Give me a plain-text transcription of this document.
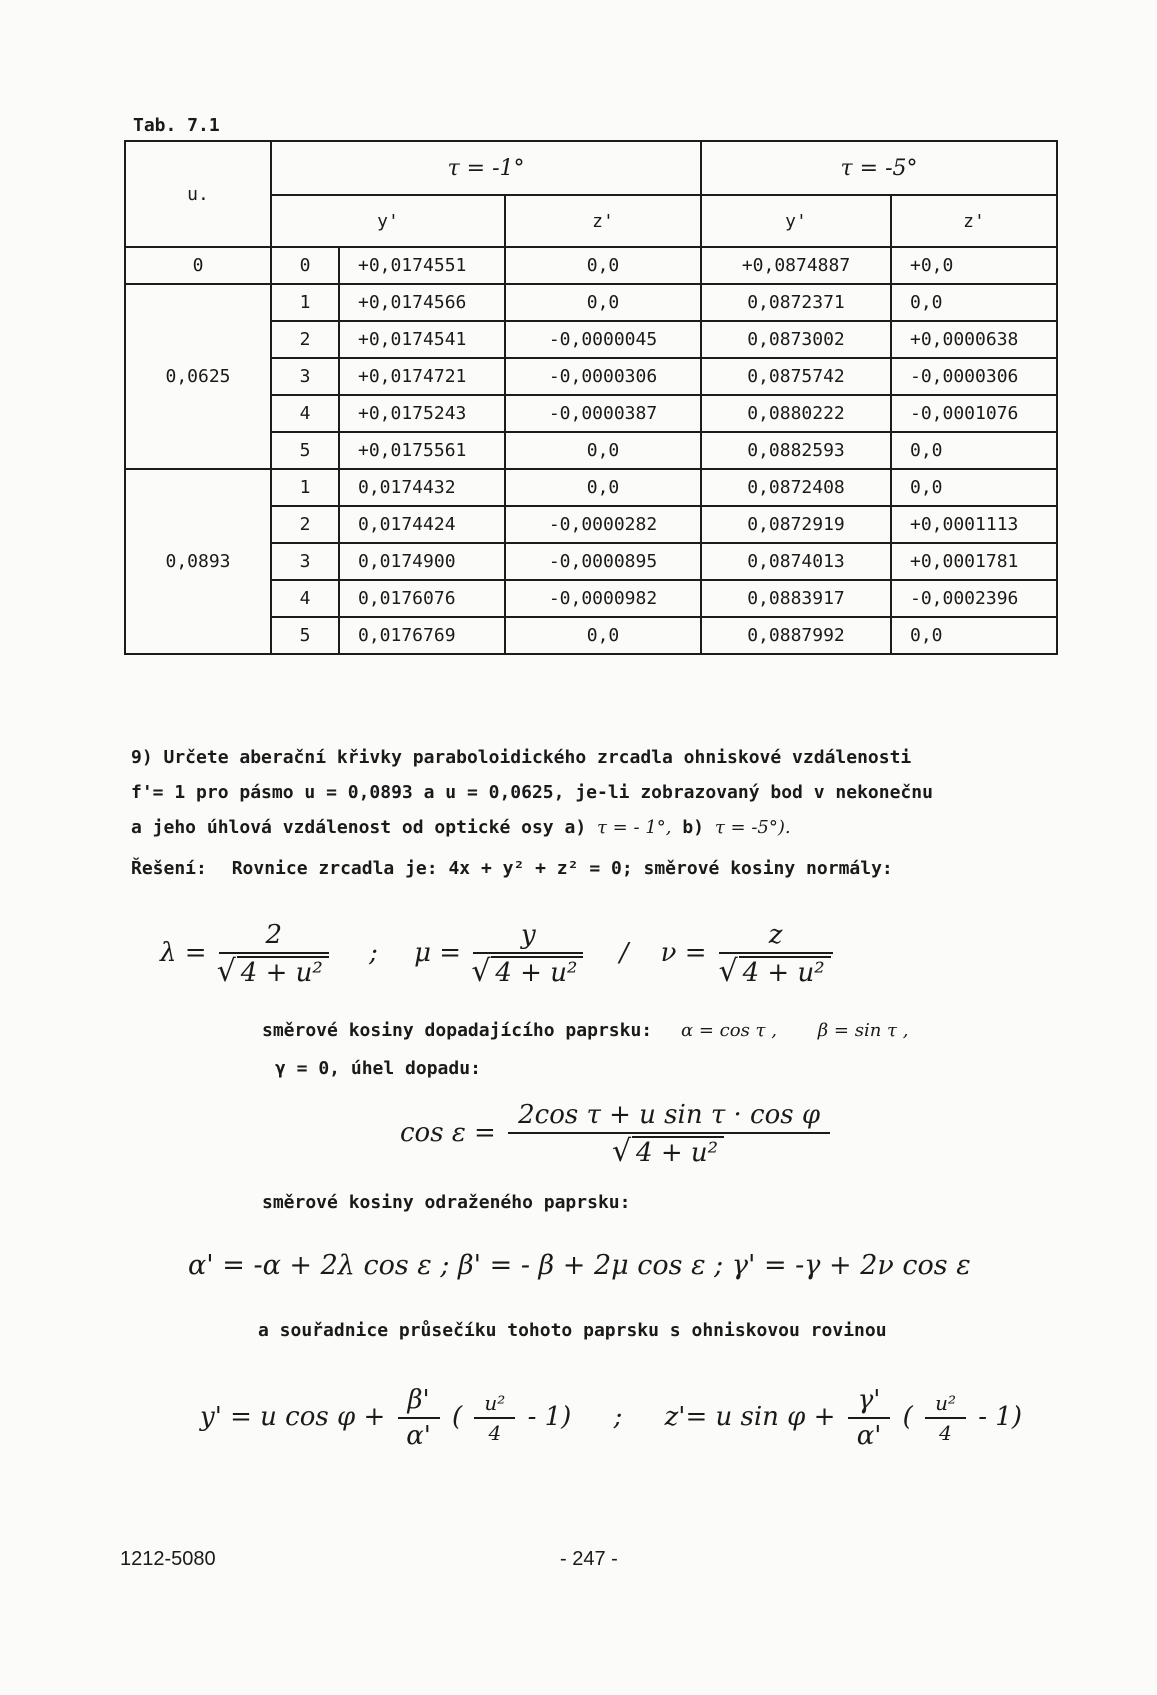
Tab. 7.1
u.	τ = -1°			τ = -5°	
	y'		z'	y'	z'
0	0	+0,0174551	0,0	+0,0874887	+0,0
0,0625	1	+0,0174566	0,0	0,0872371	0,0
	2	+0,0174541	-0,0000045	0,0873002	+0,0000638
	3	+0,0174721	-0,0000306	0,0875742	-0,0000306
	4	+0,0175243	-0,0000387	0,0880222	-0,0001076
	5	+0,0175561	0,0	0,0882593	0,0
0,0893	1	0,0174432	0,0	0,0872408	0,0
	2	0,0174424	-0,0000282	0,0872919	+0,0001113
	3	0,0174900	-0,0000895	0,0874013	+0,0001781
	4	0,0176076	-0,0000982	0,0883917	-0,0002396
	5	0,0176769	0,0	0,0887992	0,0
9) Určete aberační křivky paraboloidického zrcadla ohniskové vzdálenosti
f'= 1 pro pásmo u = 0,0893 a u = 0,0625, je-li zobrazovaný bod v nekonečnu
a jeho úhlová vzdálenost od optické osy a) τ = - 1°, b) τ = -5°).
Řešení: Rovnice zrcadla je: 4x + y² + z² = 0; směrové kosiny normály:
λ = 2
√ 4 + u² ; μ = y
√ 4 + u² / ν = z
√ 4 + u²
směrové kosiny dopadajícího paprsku: α = cos τ , β = sin τ ,
γ = 0, úhel dopadu:
cos ε = 2cos τ + u sin τ · cos φ
√ 4 + u²
směrové kosiny odraženého paprsku:
α' = -α + 2λ cos ε ; β' = - β + 2μ cos ε ; γ' = -γ + 2ν cos ε
a souřadnice průsečíku tohoto paprsku s ohniskovou rovinou
y' = u $\cos \varphi + \frac{\beta'}{\alpha'}$ ( $\frac{\text{u²}}{4} - 1$) ; z'= u $\sin \varphi + \frac{\gamma'}{\alpha'}$ ( $\frac{\text{u²}}{4} - 1$)
1212-5080	- 247 -
